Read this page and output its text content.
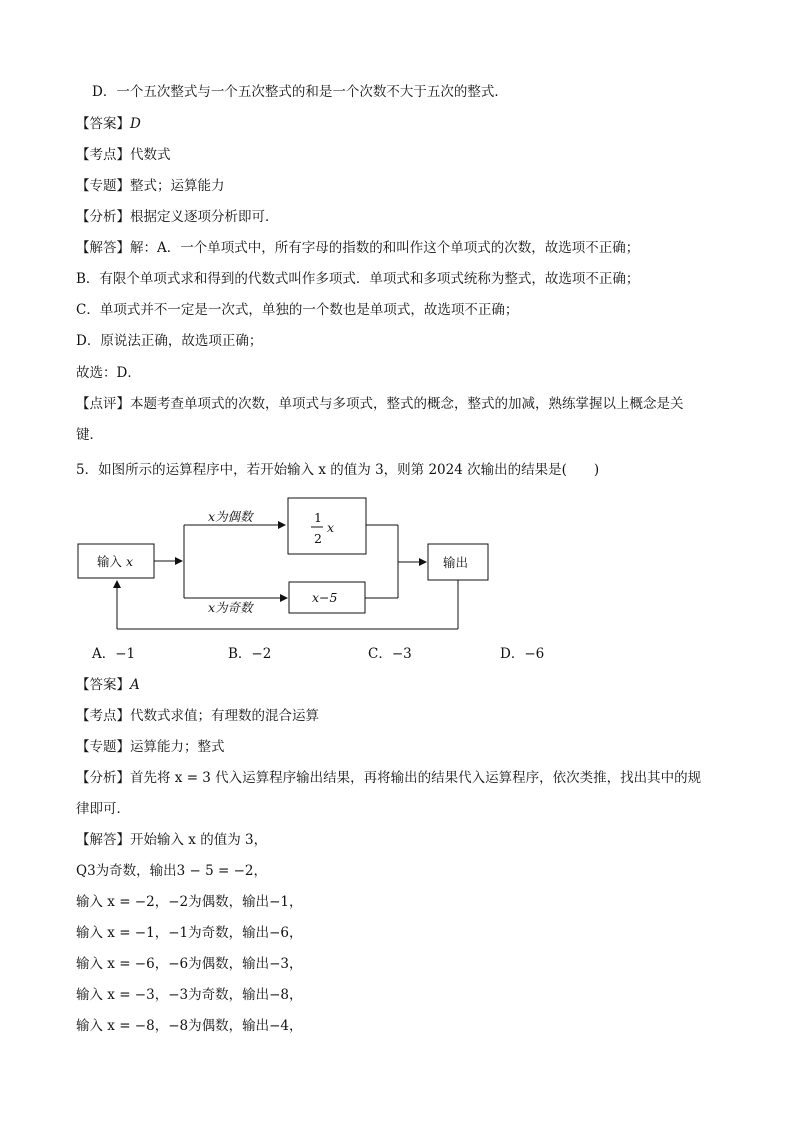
D．一个五次整式与一个五次整式的和是一个次数不大于五次的整式．
【答案】D
【考点】代数式
【专题】整式；运算能力
【分析】根据定义逐项分析即可．
【解答】解：A．一个单项式中，所有字母的指数的和叫作这个单项式的次数，故选项不正确；
B．有限个单项式求和得到的代数式叫作多项式．单项式和多项式统称为整式，故选项不正确；
C．单项式并不一定是一次式，单独的一个数也是单项式，故选项不正确；
D．原说法正确，故选项正确；
故选：D．
【点评】本题考查单项式的次数，单项式与多项式，整式的概念，整式的加减，熟练掌握以上概念是关
键．
5．如图所示的运算程序中，若开始输入 x 的值为 3，则第 2024 次输出的结果是(　　)
输入 x
x为偶数
x为奇数
1
2
x
x−5
输出
A．−1	B．−2	C．−3	D．−6
【答案】A
【考点】代数式求值；有理数的混合运算
【专题】运算能力；整式
【分析】首先将 x = 3 代入运算程序输出结果，再将输出的结果代入运算程序，依次类推，找出其中的规
律即可．
【解答】开始输入 x 的值为 3，
Q3为奇数，输出3 − 5 = −2，
输入 x = −2，−2为偶数，输出−1，
输入 x = −1，−1为奇数，输出−6，
输入 x = −6，−6为偶数，输出−3，
输入 x = −3，−3为奇数，输出−8，
输入 x = −8，−8为偶数，输出−4，
